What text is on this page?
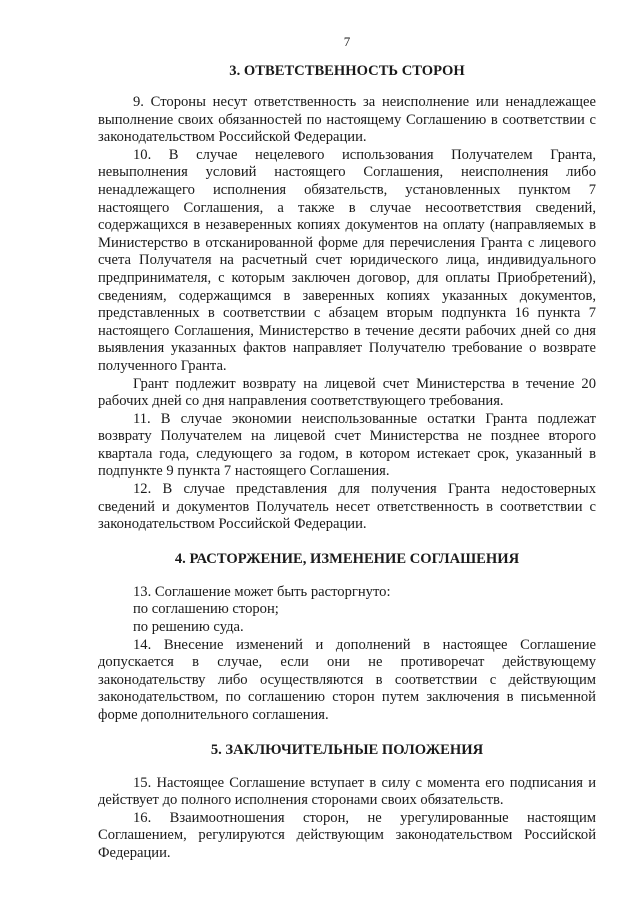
7
3. ОТВЕТСТВЕННОСТЬ СТОРОН

9. Стороны несут ответственность за неисполнение или ненадлежащее выполнение своих обязанностей по настоящему Соглашению в соответствии с законодательством Российской Федерации.

10. В случае нецелевого использования Получателем Гранта, невыполнения условий настоящего Соглашения, неисполнения либо ненадлежащего исполнения обязательств, установленных пунктом 7 настоящего Соглашения, а также в случае несоответствия сведений, содержащихся в незаверенных копиях документов на оплату (направляемых в Министерство в отсканированной форме для перечисления Гранта с лицевого счета Получателя на расчетный счет юридического лица, индивидуального предпринимателя, с которым заключен договор, для оплаты Приобретений), сведениям, содержащимся в заверенных копиях указанных документов, представленных в соответствии с абзацем вторым подпункта 16 пункта 7 настоящего Соглашения, Министерство в течение десяти рабочих дней со дня выявления указанных фактов направляет Получателю требование о возврате полученного Гранта.

Грант подлежит возврату на лицевой счет Министерства в течение 20 рабочих дней со дня направления соответствующего требования.

11. В случае экономии неиспользованные остатки Гранта подлежат возврату Получателем на лицевой счет Министерства не позднее второго квартала года, следующего за годом, в котором истекает срок, указанный в подпункте 9 пункта 7 настоящего Соглашения.

12. В случае представления для получения Гранта недостоверных сведений и документов Получатель несет ответственность в соответствии с законодательством Российской Федерации.

4. РАСТОРЖЕНИЕ, ИЗМЕНЕНИЕ СОГЛАШЕНИЯ

13. Соглашение может быть расторгнуто:

по соглашению сторон;

по решению суда.

14. Внесение изменений и дополнений в настоящее Соглашение допускается в случае, если они не противоречат действующему законодательству либо осуществляются в соответствии с действующим законодательством, по соглашению сторон путем заключения в письменной форме дополнительного соглашения.

5. ЗАКЛЮЧИТЕЛЬНЫЕ ПОЛОЖЕНИЯ

15. Настоящее Соглашение вступает в силу с момента его подписания и действует до полного исполнения сторонами своих обязательств.

16. Взаимоотношения сторон, не урегулированные настоящим Соглашением, регулируются действующим законодательством Российской Федерации.
